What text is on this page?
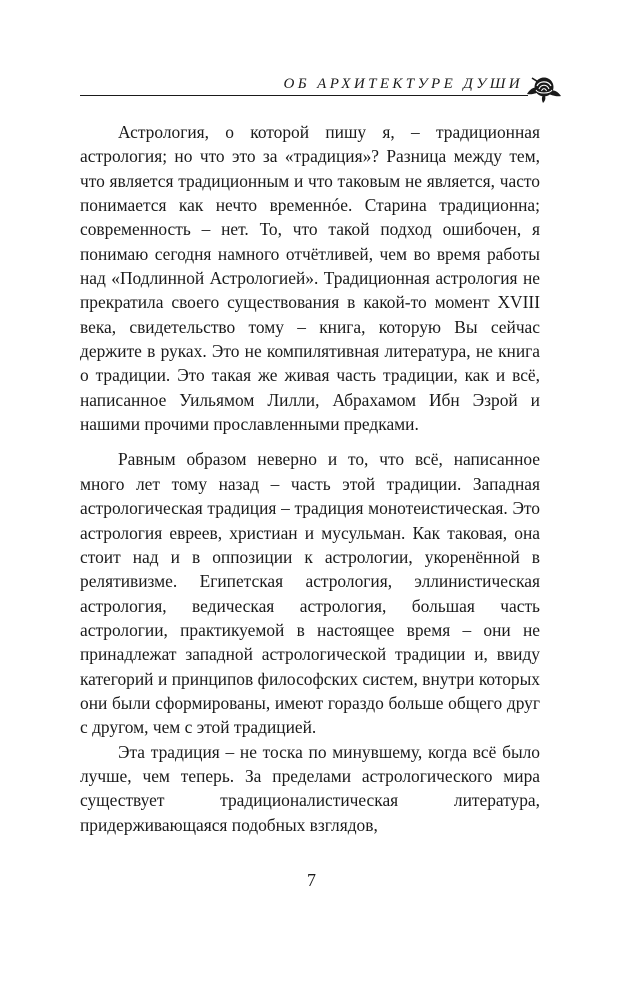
ОБ АРХИТЕКТУРЕ ДУШИ

Астрология, о которой пишу я, – традиционная астрология; но что это за «традиция»? Разница между тем, что является традиционным и что таковым не является, часто понимается как нечто временнóе. Старина традиционна; современность – нет. То, что такой подход ошибочен, я понимаю сегодня намного отчётливей, чем во время работы над «Подлинной Астрологией». Традиционная астрология не прекратила своего существования в какой-то момент XVIII века, свидетельство тому – книга, которую Вы сейчас держите в руках. Это не компилятивная литература, не книга о традиции. Это такая же живая часть традиции, как и всё, написанное Уильямом Лилли, Абрахамом Ибн Эзрой и нашими прочими прославленными предками.

Равным образом неверно и то, что всё, написанное много лет тому назад – часть этой традиции. Западная астрологическая традиция – традиция монотеистическая. Это астрология евреев, христиан и мусульман. Как таковая, она стоит над и в оппозиции к астрологии, укоренённой в релятивизме. Египетская астрология, эллинистическая астрология, ведическая астрология, большая часть астрологии, практикуемой в настоящее время – они не принадлежат западной астрологической традиции и, ввиду категорий и принципов философских систем, внутри которых они были сформированы, имеют гораздо больше общего друг с другом, чем с этой традицией.

Эта традиция – не тоска по минувшему, когда всё было лучше, чем теперь. За пределами астрологического мира существует традиционалистическая литература, придерживающаяся подобных взглядов,

7
